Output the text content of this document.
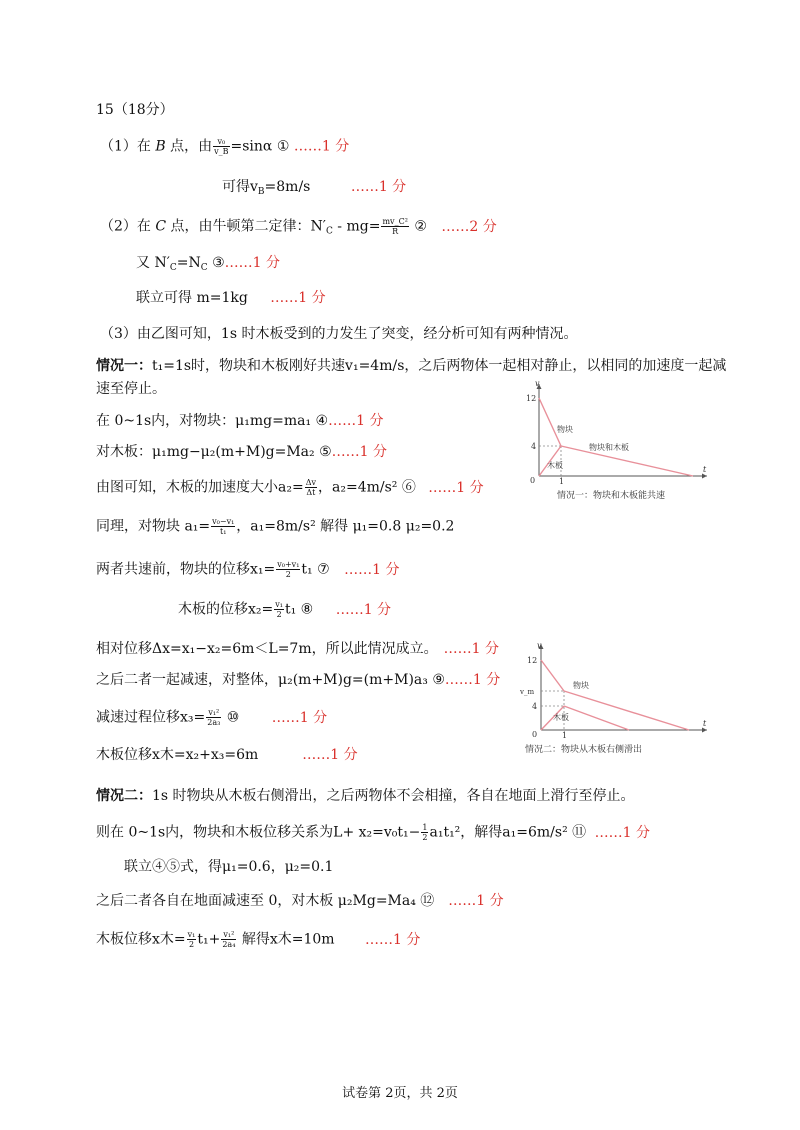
15（18分）
（1）在 B 点，由 $\frac{\text{v₀}}{v\_B} =\sin\alpha$ ① ……1 分
可得$v_B=8m/s$	……1 分
（2）在 C 点，由牛顿第二定律：$N'_C - mg= \frac{\text{mv\_C²}}{R}$ ② ……2 分
又 $N'_C=N_C$ ③……1 分
联立可得 m=1kg ……1 分
（3）由乙图可知，1s 时木板受到的力发生了突变，经分析可知有两种情况。
情况一：t₁=1s时，物块和木板刚好共速v₁=4m/s，之后两物体一起相对静止，以相同的加速度一起减
速至停止。
在 0~1s内，对物块：μ₁mg=ma₁ ④……1 分
对木板：μ₁mg−μ₂(m+M)g=Ma₂ ⑤……1 分
由图可知，木板的加速度大小$a_2= \frac{\Delta v}{\Delta t}$ ，a₂=4m/s² ⑥ ……1 分
同理，对物块 $a_1= \frac{\text{v₀−v₁}}{\text{t₁}}$ ，a₁=8m/s² 解得 μ₁=0.8 μ₂=0.2
两者共速前，物块的位移$x_1= \frac{\text{v₀+v₁}}{2} t_1$ ⑦ ……1 分
木板的位移$x_2= \frac{\text{v₁}}{2} t_1$ ⑧ ……1 分
相对位移Δx=x₁−x₂=6m＜L=7m，所以此情况成立。 ……1 分
之后二者一起减速，对整体，μ₂(m+M)g=(m+M)a₃ ⑨……1 分
减速过程位移$x_3= \frac{\text{v₁²}}{\text{2a₃}}$ ⑩ ……1 分
木板位移x木=x₂+x₃=6m	……1 分
情况二：1s 时物块从木板右侧滑出，之后两物体不会相撞，各自在地面上滑行至停止。
则在 0~1s内，物块和木板位移关系为$L+ x_2=v_0t_1- \frac{1}{2} a_1t_1^2$，解得a₁=6m/s² ⑪ ……1 分
联立④⑤式，得μ₁=0.6，μ₂=0.1
之后二者各自在地面减速至 0，对木板 μ₂Mg=Ma₄ ⑫ ……1 分
木板位移x木= $\frac{\text{v₁}}{2} t_1+ \frac{\text{v₁²}}{\text{2a₄}}$ 解得x木=10m ……1 分
v
t
0
12
4
1
物块
木板
物块和木板
情况一：物块和木板能共速
v
t
0
12
v_m
4
1
物块
木板
情况二：物块从木板右侧滑出
试卷第 2页，共 2页
